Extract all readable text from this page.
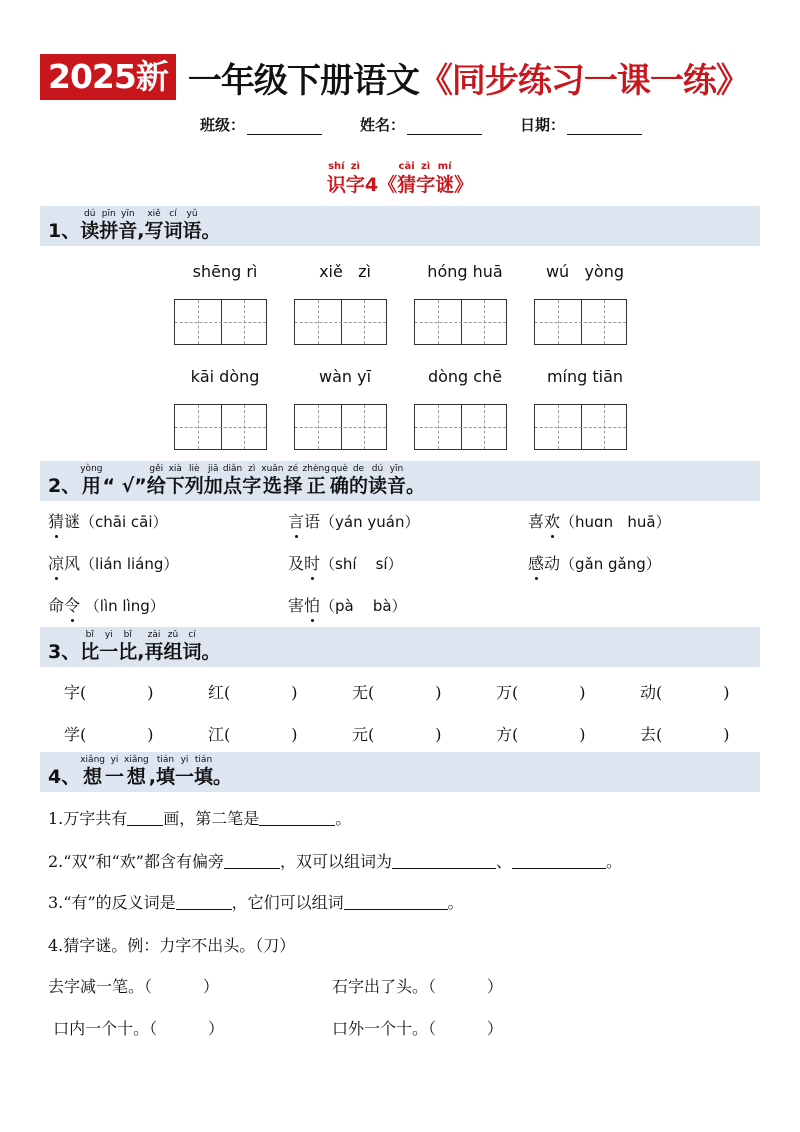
2025新 一年级下册语文 《同步练习一课一练》
班级：	姓名：	日期：
shí
识
zì
字 4《
cāi
猜
zì
字
mí
谜 》
1、
dú
读
pīn
拼
yīn
音 ,
xiě
写
cí
词
yǔ
语 。
shēng rì	xiě   zì	hóng huā	wú   yòng
kāi dòng	wàn yī	dòng chē	míng tiān
2、
yòng
用 “ √”
gěi
给
xià
下
liè
列
jiā
加
diǎn
点
zì
字
xuǎn
选
zé
择
zhèng
正
què
确
de
的
dú
读
yīn
音 。
猜 谜 （chāi cāi）	言 语 （yán yuán）	喜 欢 （huɑn   huā）
凉 风 （lián liáng）	及 时 （shí    sí）	感 动 （gǎn gǎng）
命 令 （lìn lìng）	害 怕 （pà    bà）
3、
bǐ
比
yi
一
bǐ
比 ,
zài
再
zǔ
组
cí
词 。
字(            )	红(            )	无(            )	万(            )	动(            )
学(            )	江(            )	元(            )	方(            )	去(            )
4、
xiǎng
想
yi
一
xiǎng
想 ,
tián
填
yi
一
tián
填 。
1.万字共有 画，第二笔是	。
2.“双”和“欢”都含有偏旁	，双可以组词为	、	。
3.“有”的反义词是	，它们可以组词	。
4.猜字谜。例：力字不出头。（刀）
去字减一笔。（          ）	石字出了头。（          ）
口内一个十。（          ）	口外一个十。（          ）
